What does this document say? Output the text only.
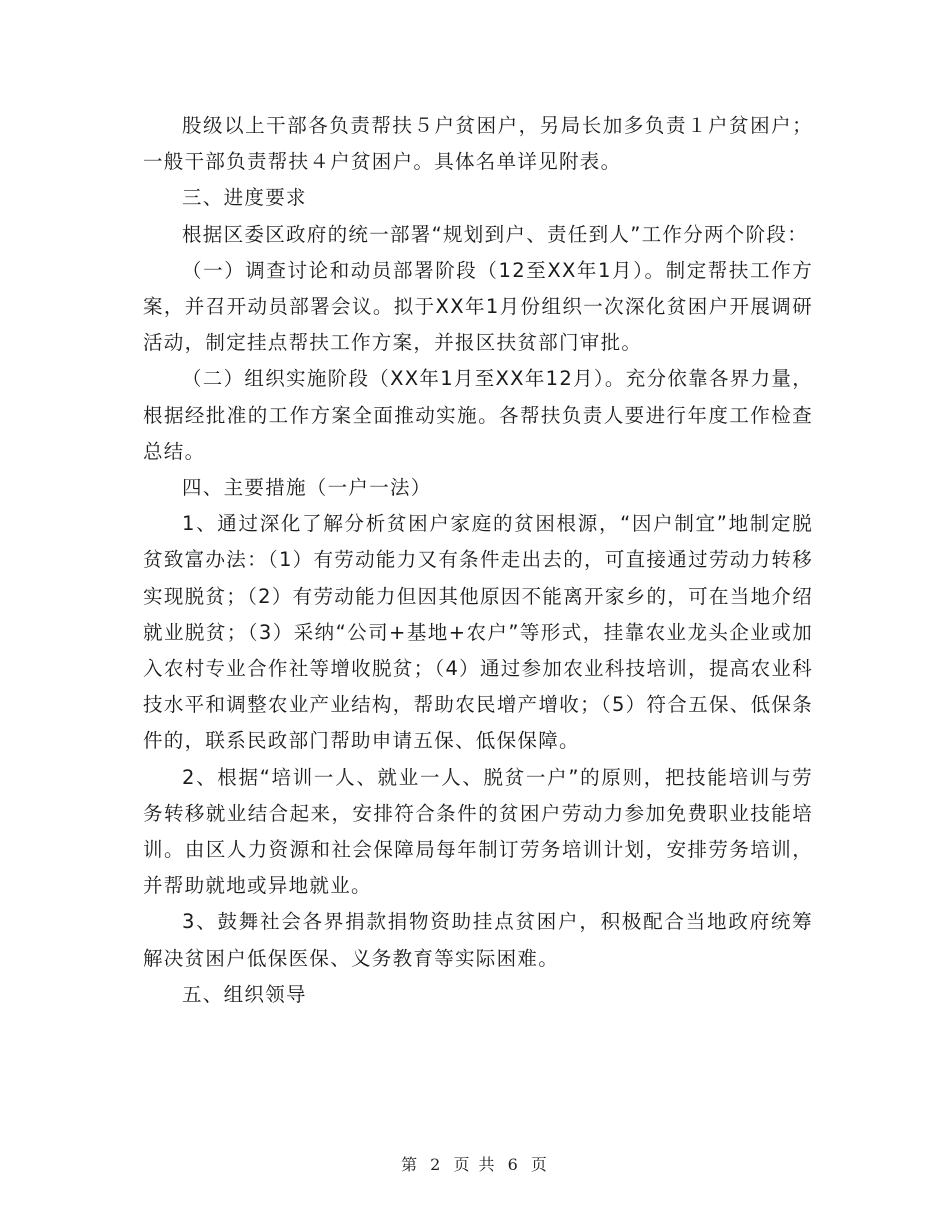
股级以上干部各负责帮扶５户贫困户，另局长加多负责１户贫困户；一般干部负责帮扶４户贫困户。具体名单详见附表。

三、进度要求

根据区委区政府的统一部署“规划到户、责任到人”工作分两个阶段：

（一）调查讨论和动员部署阶段（12至XX年1月）。制定帮扶工作方案，并召开动员部署会议。拟于XX年1月份组织一次深化贫困户开展调研活动，制定挂点帮扶工作方案，并报区扶贫部门审批。

（二）组织实施阶段（XX年1月至XX年12月）。充分依靠各界力量，根据经批准的工作方案全面推动实施。各帮扶负责人要进行年度工作检查总结。

四、主要措施（一户一法）

1、通过深化了解分析贫困户家庭的贫困根源，“因户制宜”地制定脱贫致富办法：（1）有劳动能力又有条件走出去的，可直接通过劳动力转移实现脱贫；（2）有劳动能力但因其他原因不能离开家乡的，可在当地介绍就业脱贫；（3）采纳“公司+基地+农户”等形式，挂靠农业龙头企业或加入农村专业合作社等增收脱贫；（4）通过参加农业科技培训，提高农业科技水平和调整农业产业结构，帮助农民增产增收；（5）符合五保、低保条件的，联系民政部门帮助申请五保、低保保障。

2、根据“培训一人、就业一人、脱贫一户”的原则，把技能培训与劳务转移就业结合起来，安排符合条件的贫困户劳动力参加免费职业技能培训。由区人力资源和社会保障局每年制订劳务培训计划，安排劳务培训，并帮助就地或异地就业。

3、鼓舞社会各界捐款捐物资助挂点贫困户，积极配合当地政府统筹解决贫困户低保医保、义务教育等实际困难。

五、组织领导

第 2 页 共 6 页
